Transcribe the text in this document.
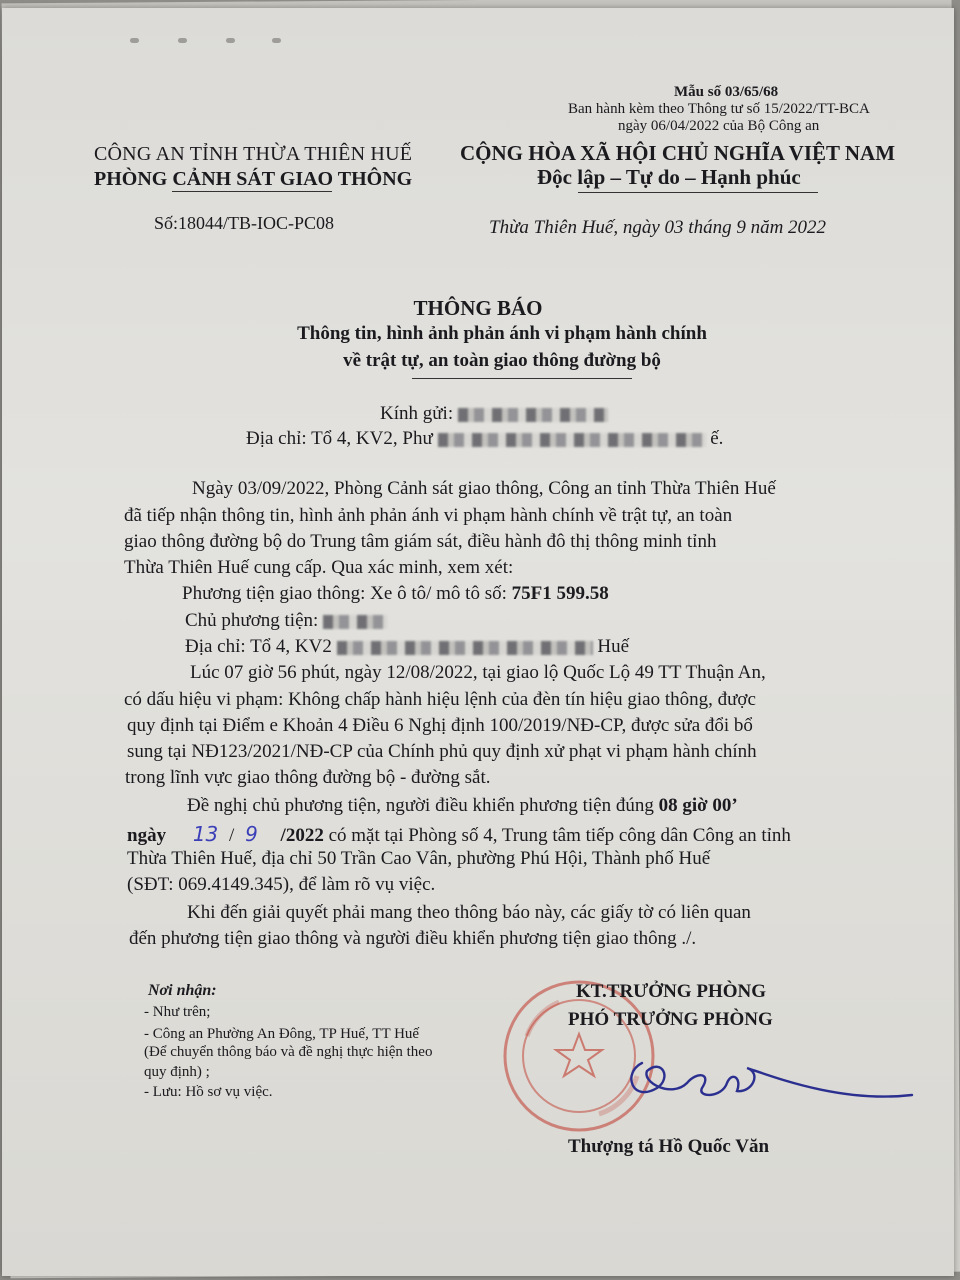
Mẫu số 03/65/68
Ban hành kèm theo Thông tư số 15/2022/TT-BCA
ngày 06/04/2022 của Bộ Công an
CÔNG AN TỈNH THỪA THIÊN HUẾ
PHÒNG CẢNH SÁT GIAO THÔNG
CỘNG HÒA XÃ HỘI CHỦ NGHĨA VIỆT NAM
Độc lập – Tự do – Hạnh phúc
Số:18044/TB-IOC-PC08	Thừa Thiên Huế, ngày 03 tháng 9 năm 2022
THÔNG BÁO
Thông tin, hình ảnh phản ánh vi phạm hành chính
về trật tự, an toàn giao thông đường bộ
Kính gửi:
Địa chỉ: Tổ 4, KV2, Phư	ế.
Ngày 03/09/2022, Phòng Cảnh sát giao thông, Công an tỉnh Thừa Thiên Huế
đã tiếp nhận thông tin, hình ảnh phản ánh vi phạm hành chính về trật tự, an toàn
giao thông đường bộ do Trung tâm giám sát, điều hành đô thị thông minh tỉnh
Thừa Thiên Huế cung cấp. Qua xác minh, xem xét:
Phương tiện giao thông: Xe ô tô/ mô tô số: 75F1 599.58
Chủ phương tiện:
Địa chỉ: Tổ 4, KV2	Huế
Lúc 07 giờ 56 phút, ngày 12/08/2022, tại giao lộ Quốc Lộ 49 TT Thuận An,
có dấu hiệu vi phạm: Không chấp hành hiệu lệnh của đèn tín hiệu giao thông, được
quy định tại Điểm e Khoản 4 Điều 6 Nghị định 100/2019/NĐ-CP, được sửa đổi bổ
sung tại NĐ123/2021/NĐ-CP của Chính phủ quy định xử phạt vi phạm hành chính
trong lĩnh vực giao thông đường bộ - đường sắt.
Đề nghị chủ phương tiện, người điều khiển phương tiện đúng 08 giờ 00’
ngày 13 / 9 /2022 có mặt tại Phòng số 4, Trung tâm tiếp công dân Công an tỉnh
Thừa Thiên Huế, địa chỉ 50 Trần Cao Vân, phường Phú Hội, Thành phố Huế
(SĐT: 069.4149.345), để làm rõ vụ việc.
Khi đến giải quyết phải mang theo thông báo này, các giấy tờ có liên quan
đến phương tiện giao thông và người điều khiển phương tiện giao thông ./.
Nơi nhận:
- Như trên;
- Công an Phường An Đông, TP Huế, TT Huế
(Để chuyển thông báo và đề nghị thực hiện theo
quy định) ;
- Lưu: Hồ sơ vụ việc.
KT.TRƯỞNG PHÒNG
PHÓ TRƯỞNG PHÒNG
Thượng tá Hồ Quốc Văn
